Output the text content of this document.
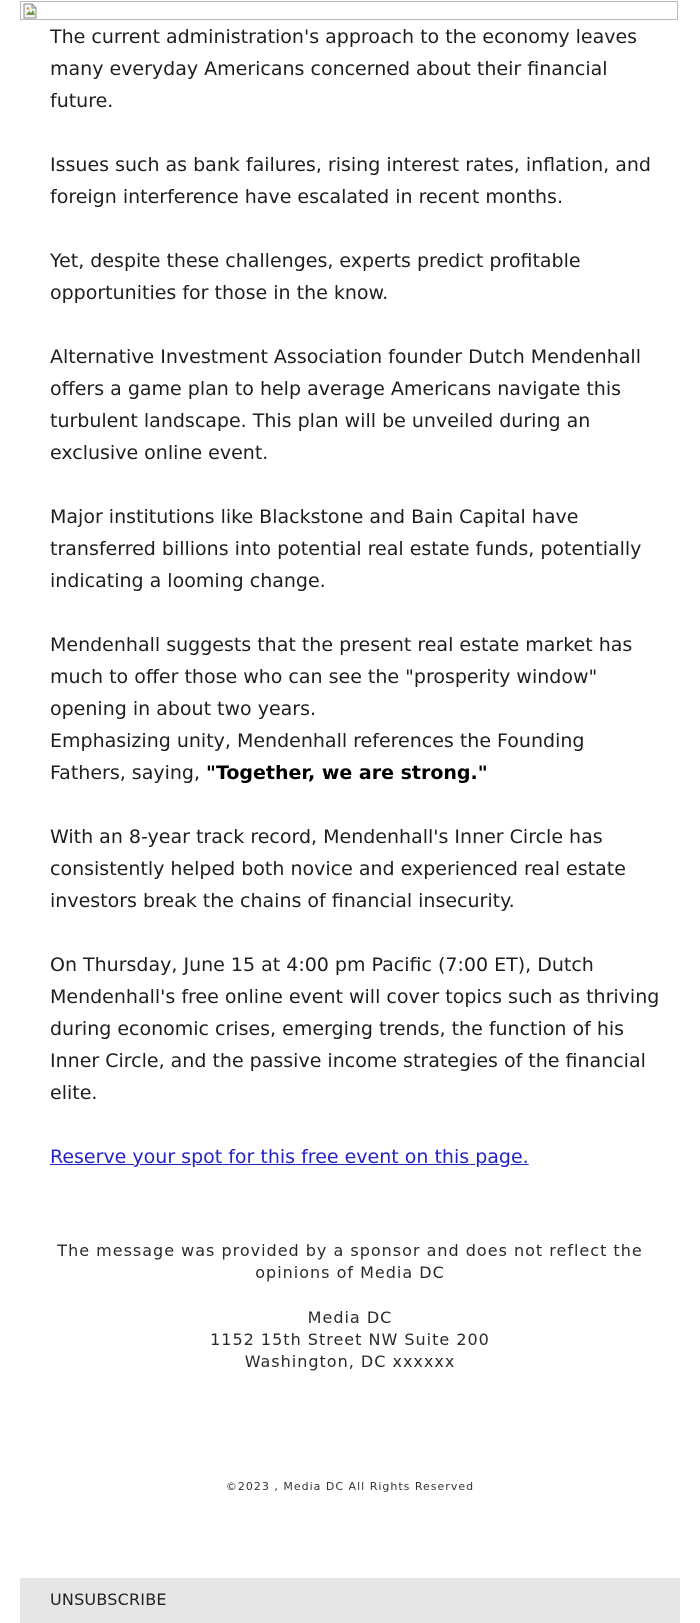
The current administration's approach to the economy leaves many everyday Americans concerned about their financial future.

Issues such as bank failures, rising interest rates, inflation, and foreign interference have escalated in recent months.

Yet, despite these challenges, experts predict profitable opportunities for those in the know.

Alternative Investment Association founder Dutch Mendenhall offers a game plan to help average Americans navigate this turbulent landscape. This plan will be unveiled during an exclusive online event.

Major institutions like Blackstone and Bain Capital have transferred billions into potential real estate funds, potentially indicating a looming change.

Mendenhall suggests that the present real estate market has much to offer those who can see the "prosperity window" opening in about two years.

Emphasizing unity, Mendenhall references the Founding Fathers, saying, "Together, we are strong."

With an 8-year track record, Mendenhall's Inner Circle has consistently helped both novice and experienced real estate investors break the chains of financial insecurity.

On Thursday, June 15 at 4:00 pm Pacific (7:00 ET), Dutch Mendenhall's free online event will cover topics such as thriving during economic crises, emerging trends, the function of his Inner Circle, and the passive income strategies of the financial elite.

Reserve your spot for this free event on this page.

The message was provided by a sponsor and does not reflect the opinions of Media DC

Media DC
1152 15th Street NW Suite 200
Washington, DC xxxxxx
©2023 , Media DC All Rights Reserved
UNSUBSCRIBE
